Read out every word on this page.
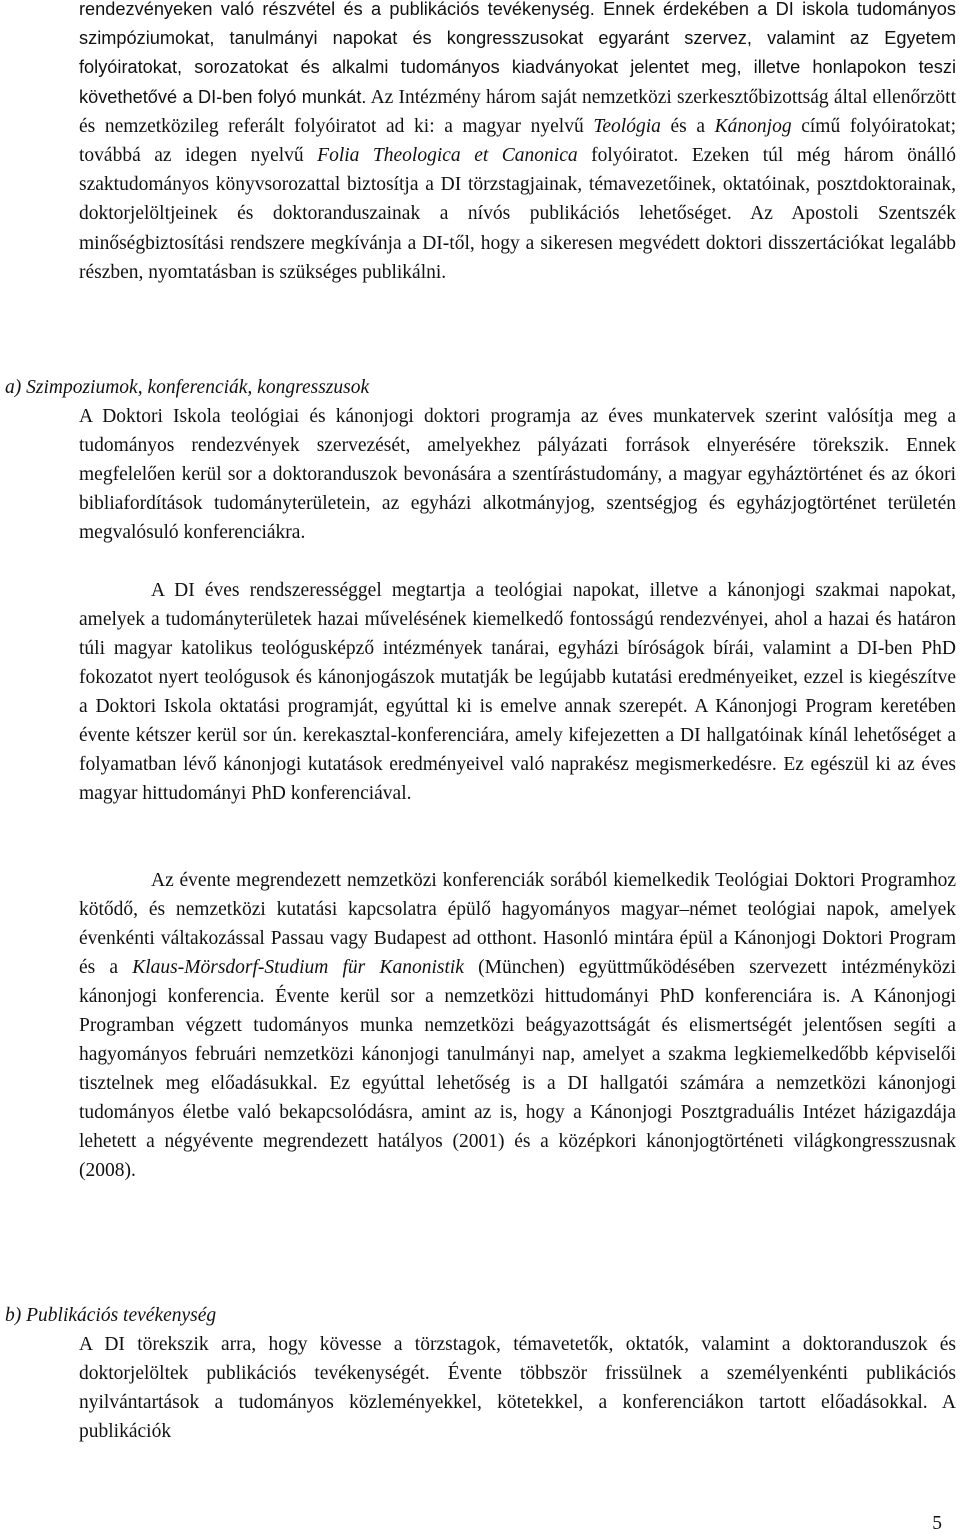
rendezvényeken való részvétel és a publikációs tevékenység. Ennek érdekében a DI iskola tudományos szimpóziumokat, tanulmányi napokat és kongresszusokat egyaránt szervez, valamint az Egyetem folyóiratokat, sorozatokat és alkalmi tudományos kiadványokat jelentet meg, illetve honlapokon teszi követhetővé a DI-ben folyó munkát. Az Intézmény három saját nemzetközi szerkesztőbizottság által ellenőrzött és nemzetközileg referált folyóiratot ad ki: a magyar nyelvű Teológia és a Kánonjog című folyóiratokat; továbbá az idegen nyelvű Folia Theologica et Canonica folyóiratot. Ezeken túl még három önálló szaktudományos könyvsorozattal biztosítja a DI törzstagjainak, témavezetőinek, oktatóinak, posztdoktorainak, doktorjelöltjeinek és doktoranduszainak a nívós publikációs lehetőséget. Az Apostoli Szentszék minőségbiztosítási rendszere megkívánja a DI-től, hogy a sikeresen megvédett doktori disszertációkat legalább részben, nyomtatásban is szükséges publikálni.
a) Szimpoziumok, konferenciák, kongresszusok
A Doktori Iskola teológiai és kánonjogi doktori programja az éves munkatervek szerint valósítja meg a tudományos rendezvények szervezését, amelyekhez pályázati források elnyerésére törekszik. Ennek megfelelően kerül sor a doktoranduszok bevonására a szentírástudomány, a magyar egyháztörténet és az ókori bibliafordítások tudományterületein, az egyházi alkotmányjog, szentségjog és egyházjogtörténet területén megvalósuló konferenciákra.
A DI éves rendszerességgel megtartja a teológiai napokat, illetve a kánonjogi szakmai napokat, amelyek a tudományterületek hazai művelésének kiemelkedő fontosságú rendezvényei, ahol a hazai és határon túli magyar katolikus teológusképző intézmények tanárai, egyházi bíróságok bírái, valamint a DI-ben PhD fokozatot nyert teológusok és kánonjogászok mutatják be legújabb kutatási eredményeiket, ezzel is kiegészítve a Doktori Iskola oktatási programját, egyúttal ki is emelve annak szerepét. A Kánonjogi Program keretében évente kétszer kerül sor ún. kerekasztal-konferenciára, amely kifejezetten a DI hallgatóinak kínál lehetőséget a folyamatban lévő kánonjogi kutatások eredményeivel való naprakész megismerkedésre. Ez egészül ki az éves magyar hittudományi PhD konferenciával.
Az évente megrendezett nemzetközi konferenciák sorából kiemelkedik Teológiai Doktori Programhoz kötődő, és nemzetközi kutatási kapcsolatra épülő hagyományos magyar–német teológiai napok, amelyek évenkénti váltakozással Passau vagy Budapest ad otthont. Hasonló mintára épül a Kánonjogi Doktori Program és a Klaus-Mörsdorf-Studium für Kanonistik (München) együttműködésében szervezett intézményközi kánonjogi konferencia. Évente kerül sor a nemzetközi hittudományi PhD konferenciára is. A Kánonjogi Programban végzett tudományos munka nemzetközi beágyazottságát és elismertségét jelentősen segíti a hagyományos februári nemzetközi kánonjogi tanulmányi nap, amelyet a szakma legkiemelkedőbb képviselői tisztelnek meg előadásukkal. Ez egyúttal lehetőség is a DI hallgatói számára a nemzetközi kánonjogi tudományos életbe való bekapcsolódásra, amint az is, hogy a Kánonjogi Posztgraduális Intézet házigazdája lehetett a négyévente megrendezett hatályos (2001) és a középkori kánonjogtörténeti világkongresszusnak (2008).
b) Publikációs tevékenység
A DI törekszik arra, hogy kövesse a törzstagok, témavetetők, oktatók, valamint a doktoranduszok és doktorjelöltek publikációs tevékenységét. Évente többször frissülnek a személyenkénti publikációs nyilvántartások a tudományos közleményekkel, kötetekkel, a konferenciákon tartott előadásokkal. A publikációk
5
